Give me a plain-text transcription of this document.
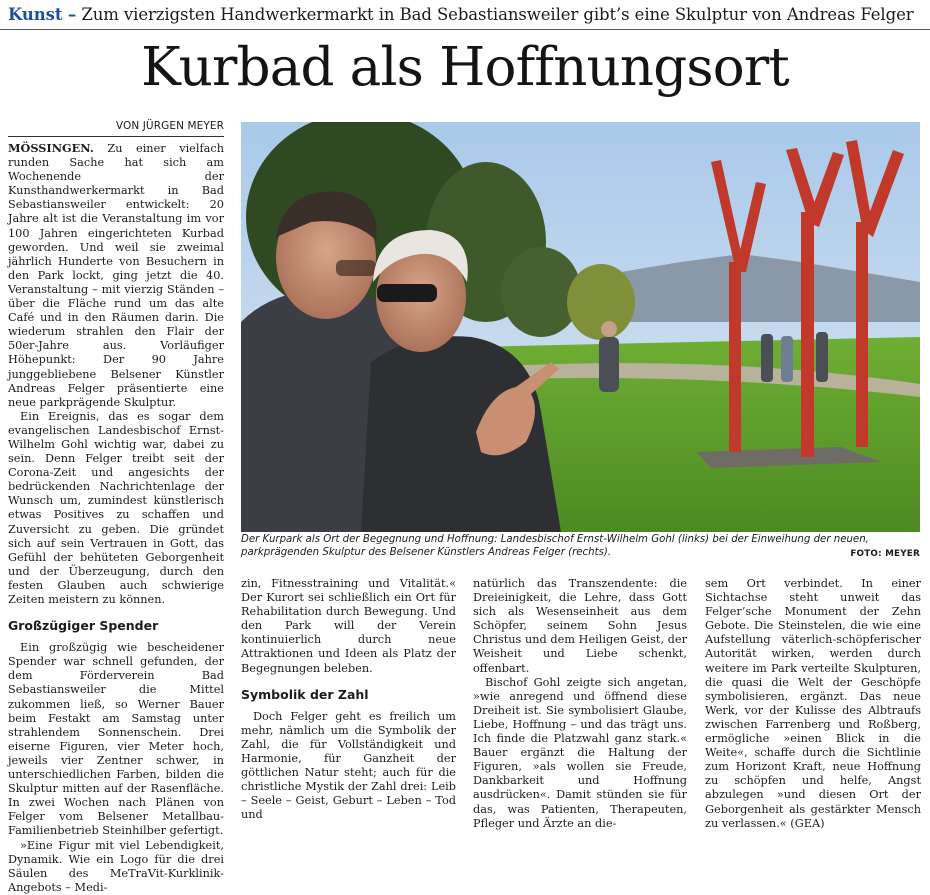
Kunst – Zum vierzigsten Handwerkermarkt in Bad Sebastiansweiler gibt’s eine Skulptur von Andreas Felger
Kurbad als Hoffnungsort
VON JÜRGEN MEYER

MÖSSINGEN. Zu einer vielfach runden Sache hat sich am Wochenende der Kunsthandwerkermarkt in Bad Sebastiansweiler entwickelt: 20 Jahre alt ist die Veranstaltung im vor 100 Jahren eingerichteten Kurbad geworden. Und weil sie zweimal jährlich Hunderte von Besuchern in den Park lockt, ging jetzt die 40. Veranstaltung – mit vierzig Ständen – über die Fläche rund um das alte Café und in den Räumen darin. Die wiederum strahlen den Flair der 50er-Jahre aus. Vorläufiger Höhepunkt: Der 90 Jahre junggebliebene Belsener Künstler Andreas Felger präsentierte eine neue parkprägende Skulptur.

Ein Ereignis, das es sogar dem evangelischen Landesbischof Ernst-Wilhelm Gohl wichtig war, dabei zu sein. Denn Felger treibt seit der Corona-Zeit und angesichts der bedrückenden Nachrichtenlage der Wunsch um, zumindest künstlerisch etwas Positives zu schaffen und Zuversicht zu geben. Die gründet sich auf sein Vertrauen in Gott, das Gefühl der behüteten Geborgenheit und der Überzeugung, durch den festen Glauben auch schwierige Zeiten meistern zu können.

Großzügiger Spender

Ein großzügig wie bescheidener Spender war schnell gefunden, der dem Förderverein Bad Sebastiansweiler die Mittel zukommen ließ, so Werner Bauer beim Festakt am Samstag unter strahlendem Sonnenschein. Drei eiserne Figuren, vier Meter hoch, jeweils vier Zentner schwer, in unterschiedlichen Farben, bilden die Skulptur mitten auf der Rasenfläche. In zwei Wochen nach Plänen von Felger vom Belsener Metallbau-Familienbetrieb Steinhilber gefertigt.

»Eine Figur mit viel Lebendigkeit, Dynamik. Wie ein Logo für die drei Säulen des MeTraVit-Kurklinik-Angebots – Medi-

Der Kurpark als Ort der Begegnung und Hoffnung: Landesbischof Ernst-Wilhelm Gohl (links) bei der Einweihung der neuen, parkprägenden Skulptur des Belsener Künstlers Andreas Felger (rechts).	FOTO: MEYER

zin, Fitnesstraining und Vitalität.« Der Kurort sei schließlich ein Ort für Rehabilitation durch Bewegung. Und den Park will der Verein kontinuierlich durch neue Attraktionen und Ideen als Platz der Begegnungen beleben.

Symbolik der Zahl

Doch Felger geht es freilich um mehr, nämlich um die Symbolik der Zahl, die für Vollständigkeit und Harmonie, für Ganzheit der göttlichen Natur steht; auch für die christliche Mystik der Zahl drei: Leib – Seele – Geist, Geburt – Leben – Tod und

natürlich das Transzendente: die Dreieinigkeit, die Lehre, dass Gott sich als Wesenseinheit aus dem Schöpfer, seinem Sohn Jesus Christus und dem Heiligen Geist, der Weisheit und Liebe schenkt, offenbart.

Bischof Gohl zeigte sich angetan, »wie anregend und öffnend diese Dreiheit ist. Sie symbolisiert Glaube, Liebe, Hoffnung – und das trägt uns. Ich finde die Platzwahl ganz stark.« Bauer ergänzt die Haltung der Figuren, »als wollen sie Freude, Dankbarkeit und Hoffnung ausdrücken«. Damit stünden sie für das, was Patienten, Therapeuten, Pfleger und Ärzte an die-

sem Ort verbindet. In einer Sichtachse steht unweit das Felger’sche Monument der Zehn Gebote. Die Steinstelen, die wie eine Aufstellung väterlich-schöpferischer Autorität wirken, werden durch weitere im Park verteilte Skulpturen, die quasi die Welt der Geschöpfe symbolisieren, ergänzt. Das neue Werk, vor der Kulisse des Albtraufs zwischen Farrenberg und Roßberg, ermögliche »einen Blick in die Weite«, schaffe durch die Sichtlinie zum Horizont Kraft, neue Hoffnung zu schöpfen und helfe, Angst abzulegen »und diesen Ort der Geborgenheit als gestärkter Mensch zu verlassen.« (GEA)
